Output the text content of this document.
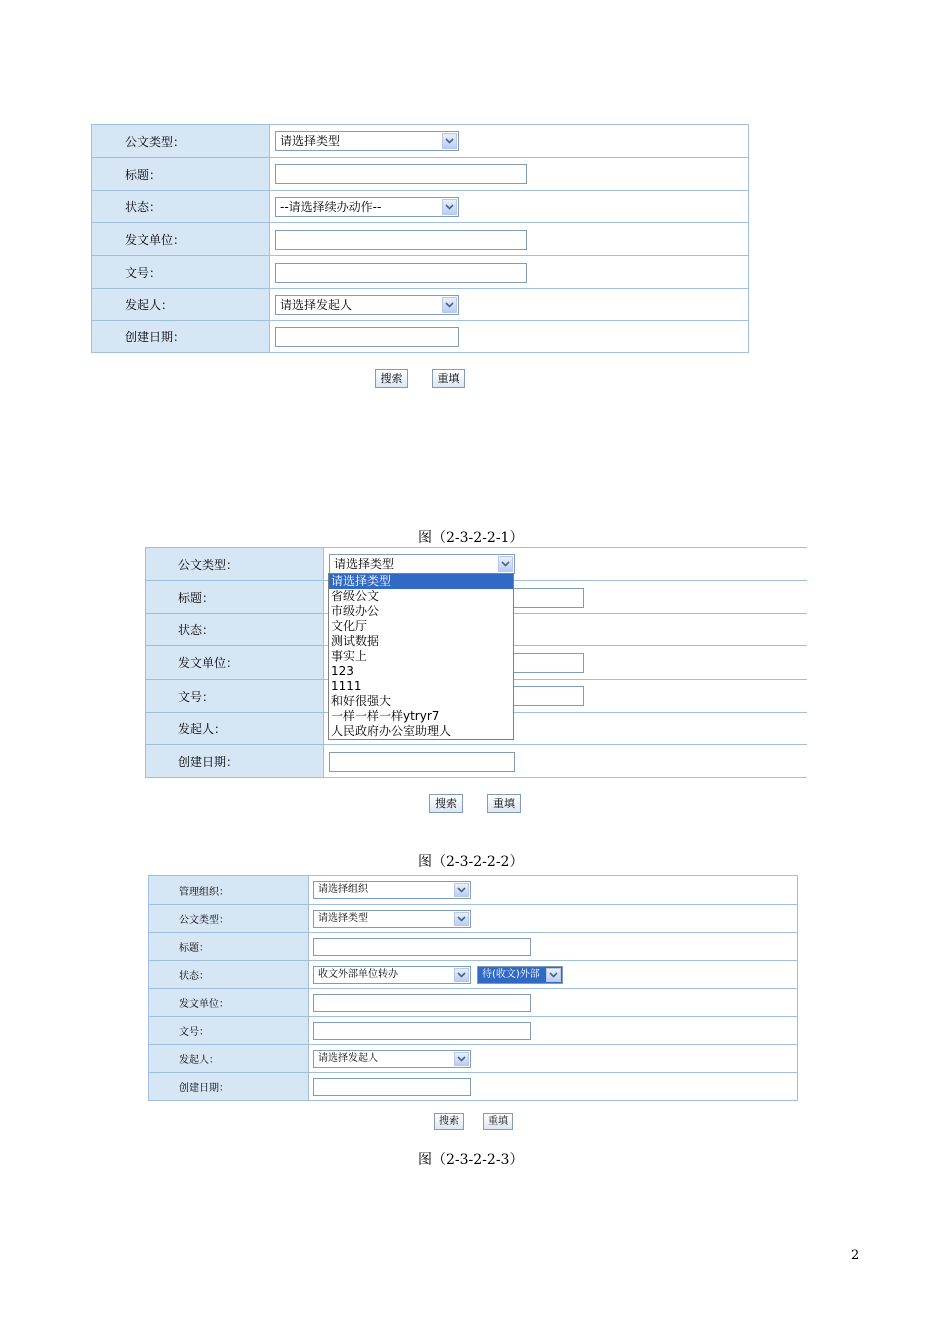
公文类型：	请选择类型
标题：
状态：	--请选择续办动作--
发文单位：
文号：
发起人：	请选择发起人
创建日期：
搜索	重填
图（2-3-2-2-1）
公文类型：	请选择类型
标题：
状态：
发文单位：
文号：
发起人：
创建日期：
请选择类型
省级公文
市级办公
文化厅
测试数据
事实上
123
1111
和好很强大
一样一样一样ytryr7
人民政府办公室助理人
搜索	重填
图（2-3-2-2-2）
管理组织：	请选择组织
公文类型：	请选择类型
标题：
状态：	收文外部单位转办	待(收文)外部
发文单位：
文号：
发起人：	请选择发起人
创建日期：
搜索	重填
图（2-3-2-2-3）
2
